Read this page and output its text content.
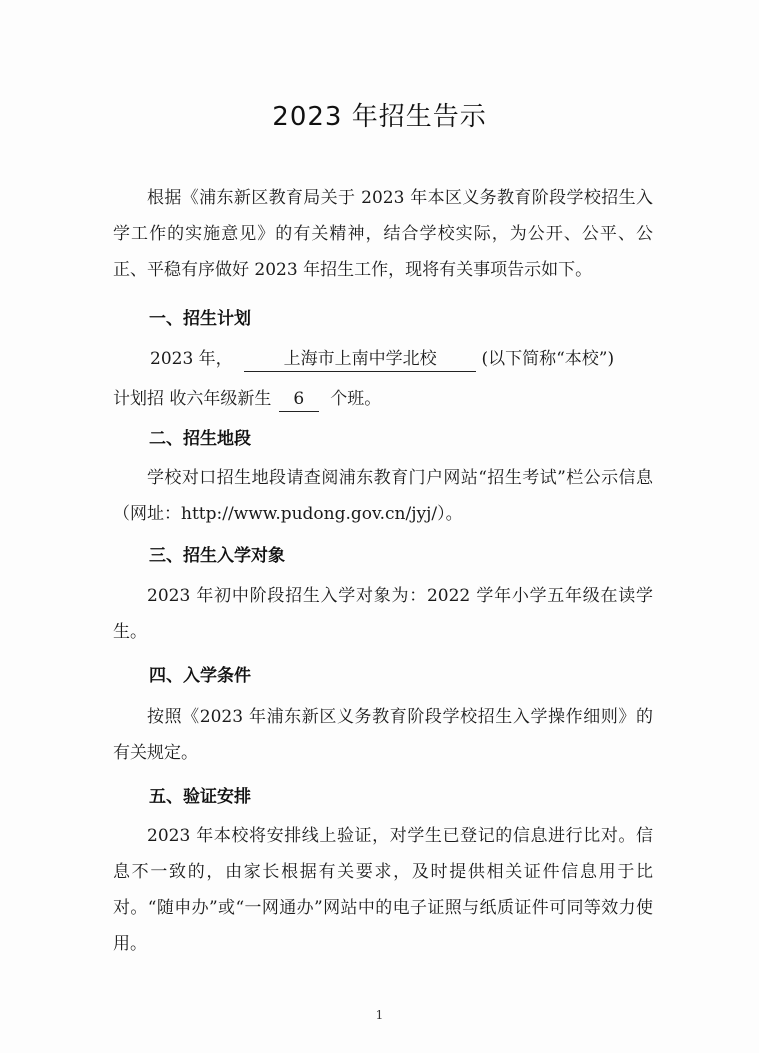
2023 年招生告示

根据《浦东新区教育局关于 2023 年本区义务教育阶段学校招生入学工作的实施意见》的有关精神，结合学校实际，为公开、公平、公正、平稳有序做好 2023 年招生工作，现将有关事项告示如下。

一、招生计划
2023 年，	上海市上南中学北校	(以下简称“本校”)
计划招 收六年级新生 6 个班。
二、招生地段

学校对口招生地段请查阅浦东教育门户网站“招生考试”栏公示信息（网址：http://www.pudong.gov.cn/jyj/）。

三、招生入学对象

2023 年初中阶段招生入学对象为：2022 学年小学五年级在读学生。

四、入学条件

按照《2023 年浦东新区义务教育阶段学校招生入学操作细则》的有关规定。

五、验证安排

2023 年本校将安排线上验证，对学生已登记的信息进行比对。信息不一致的，由家长根据有关要求，及时提供相关证件信息用于比对。“随申办”或“一网通办”网站中的电子证照与纸质证件可同等效力使用。

1
